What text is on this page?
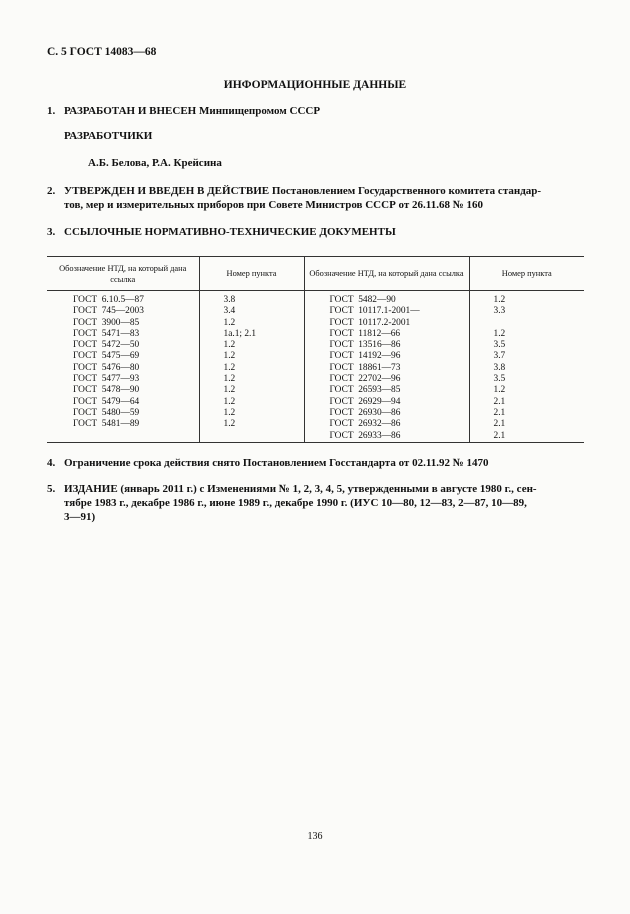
С. 5 ГОСТ 14083—68
ИНФОРМАЦИОННЫЕ ДАННЫЕ
1. РАЗРАБОТАН И ВНЕСЕН Минпищепромом СССР
РАЗРАБОТЧИКИ
А.Б. Белова, Р.А. Крейсина
2. УТВЕРЖДЕН И ВВЕДЕН В ДЕЙСТВИЕ Постановлением Государственного комитета стандар-
тов, мер и измерительных приборов при Совете Министров СССР от 26.11.68 № 160
3. ССЫЛОЧНЫЕ НОРМАТИВНО-ТЕХНИЧЕСКИЕ ДОКУМЕНТЫ
Обозначение НТД, на который дана ссылка	Номер пункта	Обозначение НТД, на который дана ссылка	Номер пункта
ГОСТ  6.10.5—87	3.8	ГОСТ  5482—90	1.2
ГОСТ  745—2003	3.4	ГОСТ  10117.1-2001—	3.3
ГОСТ  3900—85	1.2	ГОСТ  10117.2-2001	
ГОСТ  5471—83	1а.1; 2.1	ГОСТ  11812—66	1.2
ГОСТ  5472—50	1.2	ГОСТ  13516—86	3.5
ГОСТ  5475—69	1.2	ГОСТ  14192—96	3.7
ГОСТ  5476—80	1.2	ГОСТ  18861—73	3.8
ГОСТ  5477—93	1.2	ГОСТ  22702—96	3.5
ГОСТ  5478—90	1.2	ГОСТ  26593—85	1.2
ГОСТ  5479—64	1.2	ГОСТ  26929—94	2.1
ГОСТ  5480—59	1.2	ГОСТ  26930—86	2.1
ГОСТ  5481—89	1.2	ГОСТ  26932—86	2.1
		ГОСТ  26933—86	2.1
4. Ограничение срока действия снято Постановлением Госстандарта от 02.11.92 № 1470
5. ИЗДАНИЕ (январь 2011 г.) с Изменениями № 1, 2, 3, 4, 5, утвержденными в августе 1980 г., сен-
тябре 1983 г., декабре 1986 г., июне 1989 г., декабре 1990 г. (ИУС 10—80, 12—83, 2—87, 10—89,
3—91)
136
